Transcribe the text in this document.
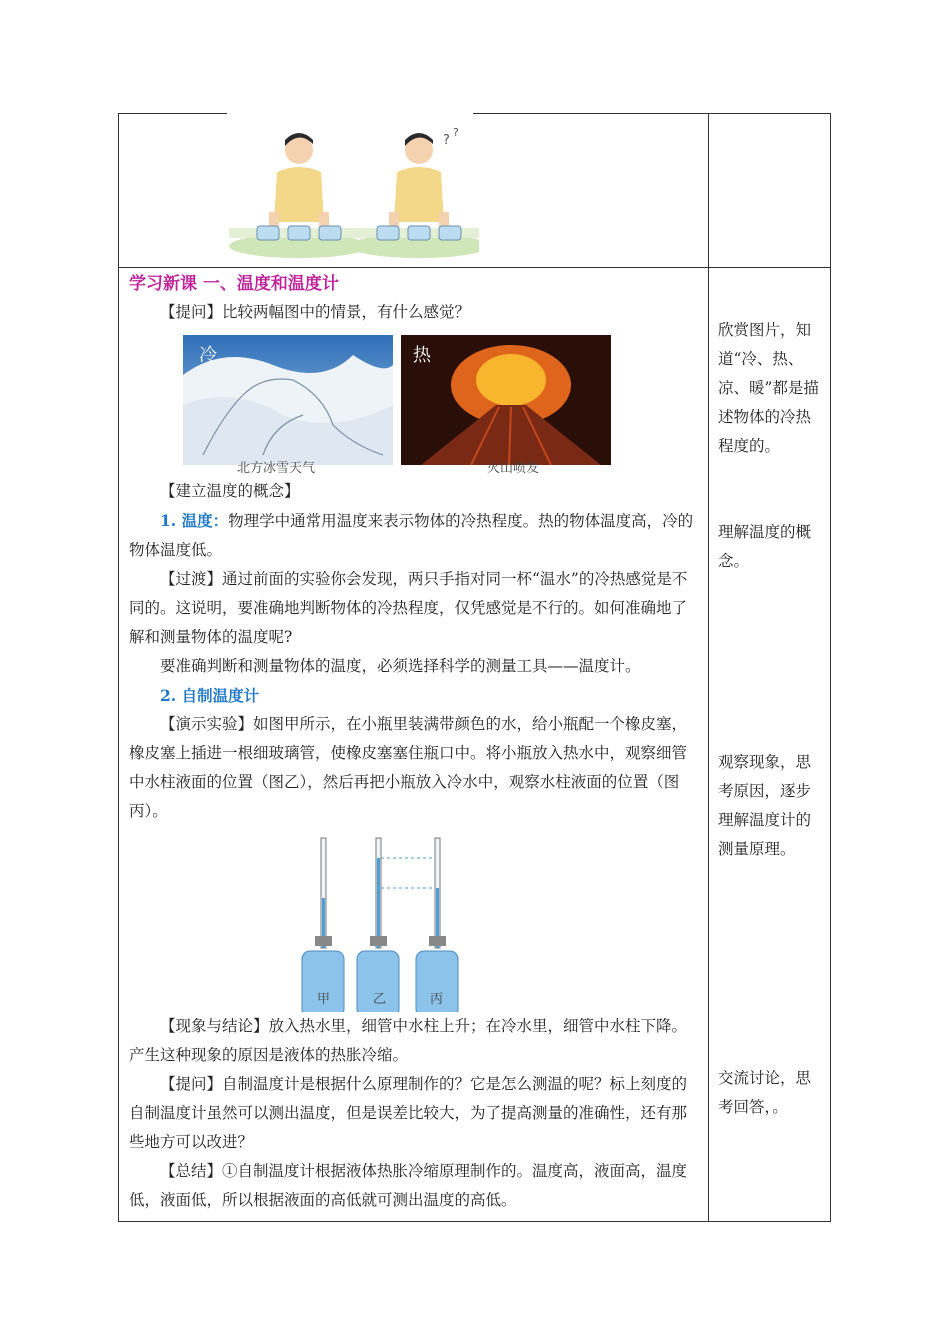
?
?

学习新课 一、温度和温度计

【提问】比较两幅图中的情景，有什么感觉？

冷	热
北方冰雪天气	火山喷发

【建立温度的概念】

1. 温度：物理学中通常用温度来表示物体的冷热程度。热的物体温度高，冷的物体温度低。

【过渡】通过前面的实验你会发现，两只手指对同一杯“温水”的冷热感觉是不同的。这说明，要准确地判断物体的冷热程度，仅凭感觉是不行的。如何准确地了解和测量物体的温度呢?

要准确判断和测量物体的温度，必须选择科学的测量工具——温度计。

2. 自制温度计

【演示实验】如图甲所示，在小瓶里装满带颜色的水，给小瓶配一个橡皮塞，橡皮塞上插进一根细玻璃管，使橡皮塞塞住瓶口中。将小瓶放入热水中，观察细管中水柱液面的位置（图乙），然后再把小瓶放入冷水中，观察水柱液面的位置（图丙）。

甲	乙	丙

【现象与结论】放入热水里，细管中水柱上升；在冷水里，细管中水柱下降。产生这种现象的原因是液体的热胀冷缩。

【提问】自制温度计是根据什么原理制作的？它是怎么测温的呢？标上刻度的自制温度计虽然可以测出温度，但是误差比较大，为了提高测量的准确性，还有那些地方可以改进？

【总结】①自制温度计根据液体热胀冷缩原理制作的。温度高，液面高，温度低，液面低，所以根据液面的高低就可测出温度的高低。

欣赏图片，知道“冷、热、凉、暖”都是描述物体的冷热程度的。
理解温度的概念。
观察现象，思考原因，逐步理解温度计的测量原理。
交流讨论，思考回答，。
